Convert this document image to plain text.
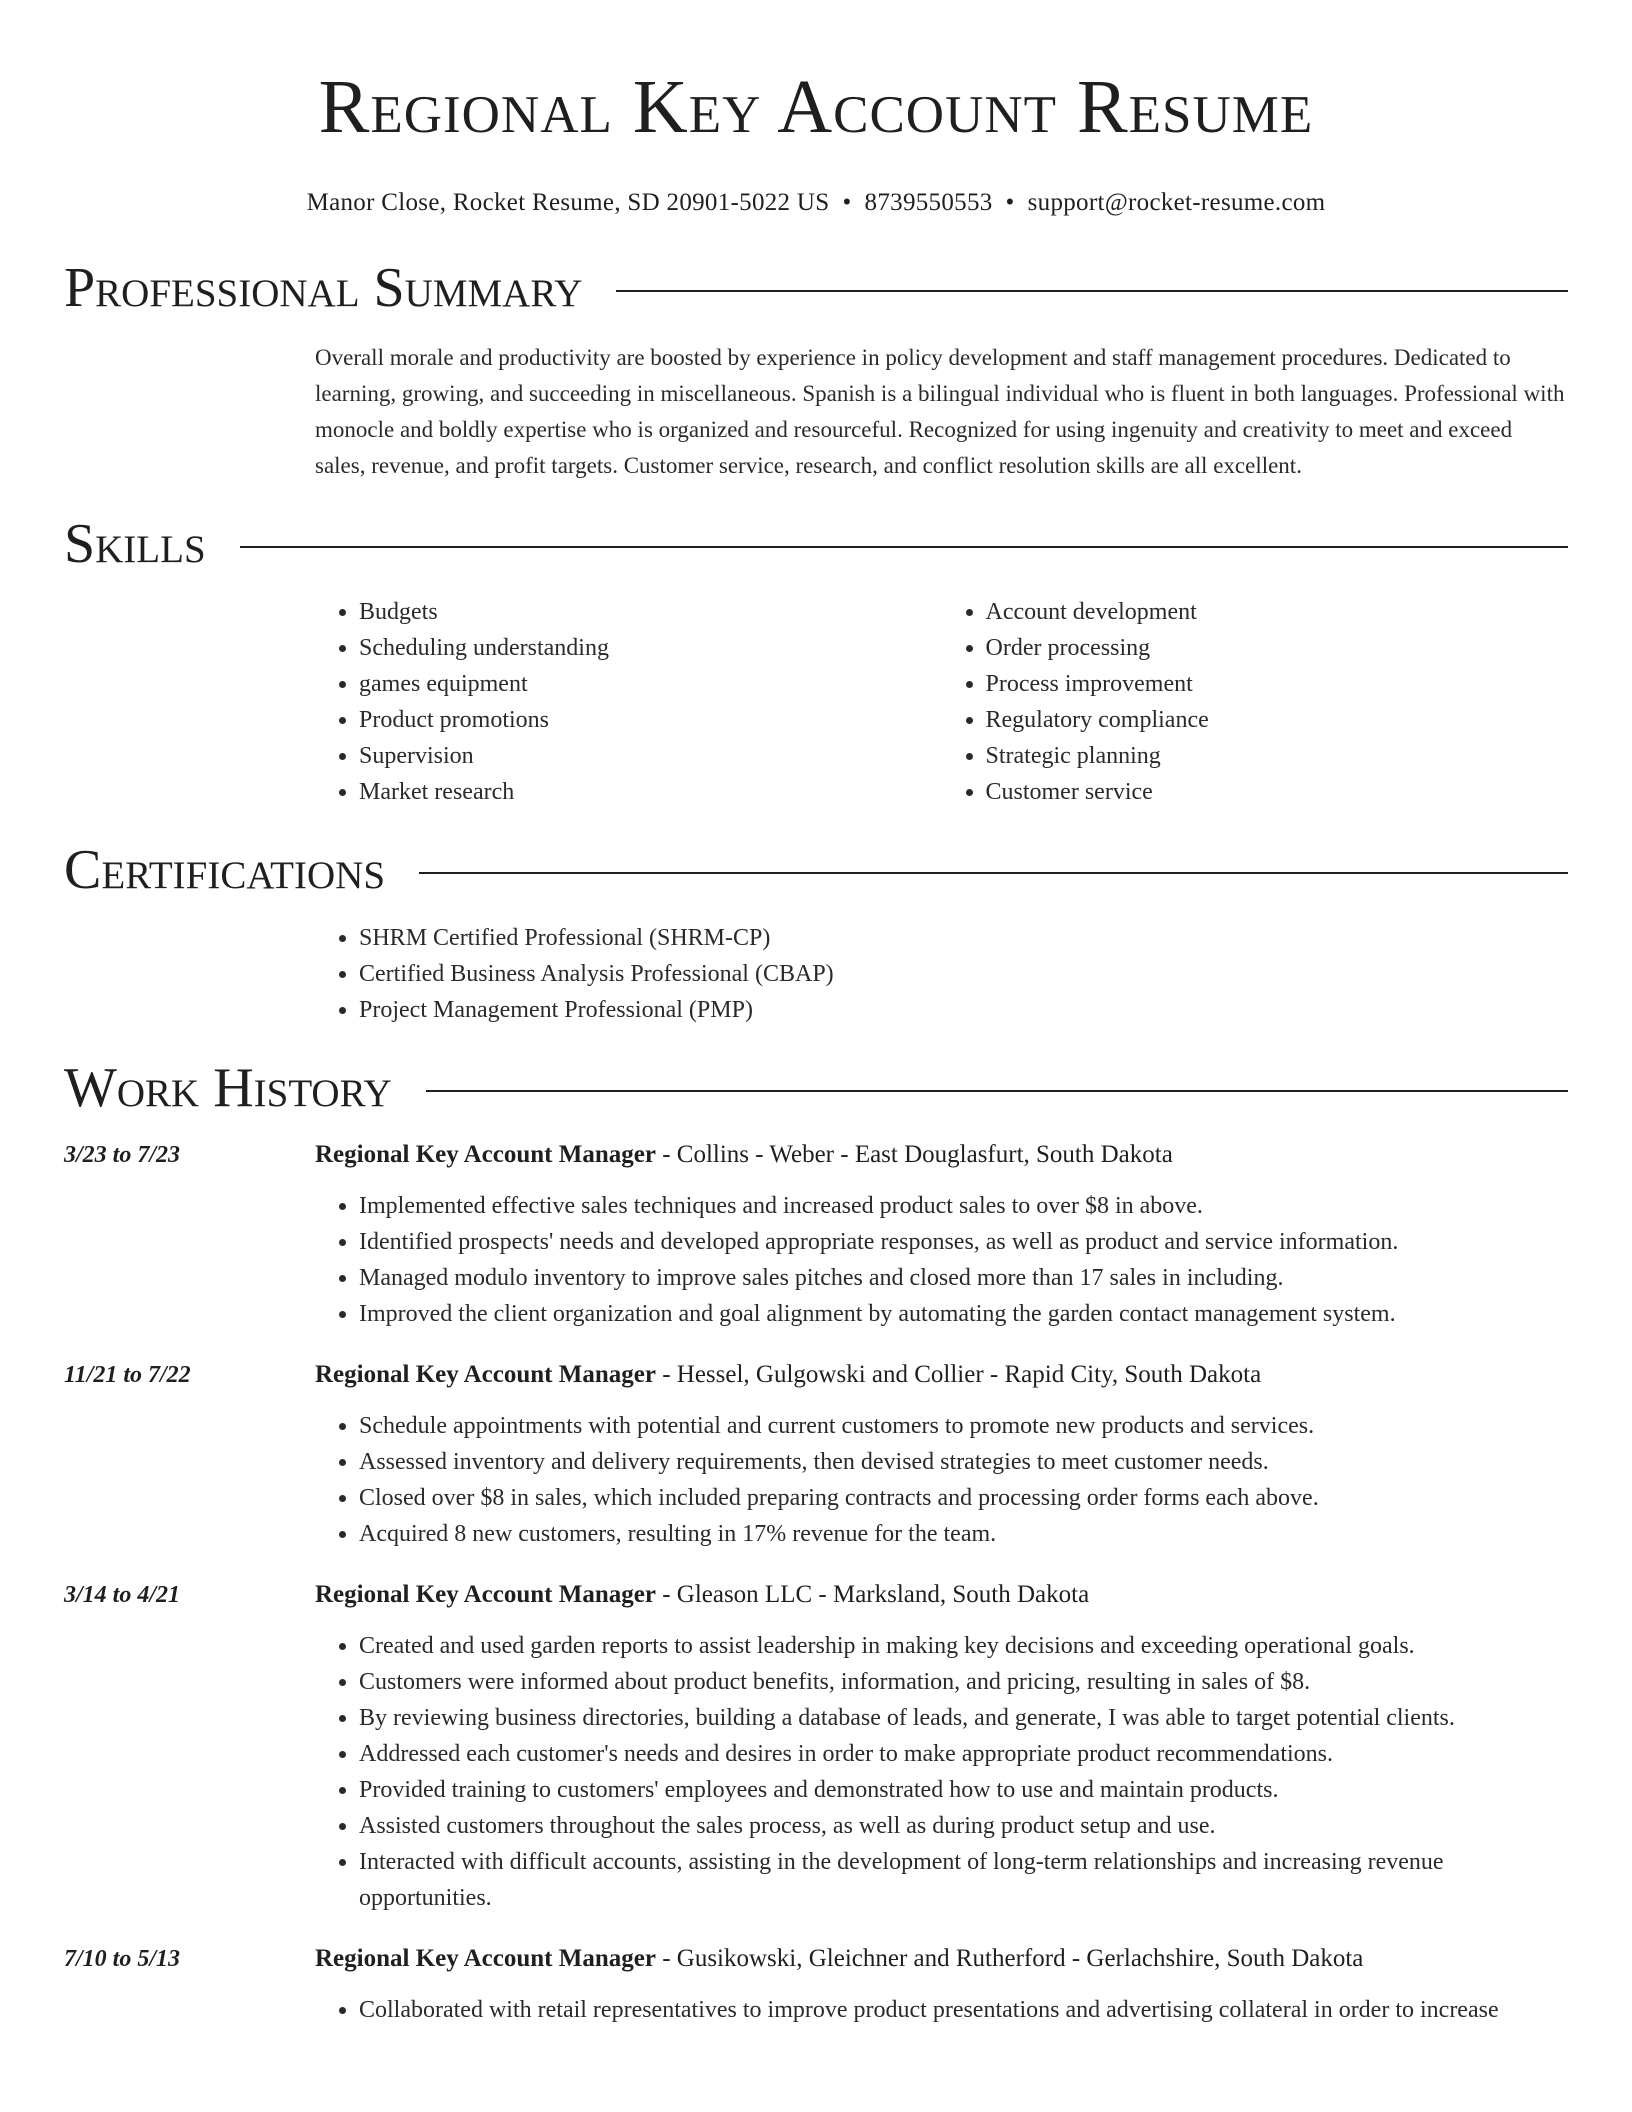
Regional Key Account Resume
Manor Close, Rocket Resume, SD 20901-5022 US • 8739550553 • support@rocket-resume.com
Professional Summary
Overall morale and productivity are boosted by experience in policy development and staff management procedures. Dedicated to learning, growing, and succeeding in miscellaneous. Spanish is a bilingual individual who is fluent in both languages. Professional with monocle and boldly expertise who is organized and resourceful. Recognized for using ingenuity and creativity to meet and exceed sales, revenue, and profit targets. Customer service, research, and conflict resolution skills are all excellent.
Skills
• Budgets
• Scheduling understanding
• games equipment
• Product promotions
• Supervision
• Market research
• Account development
• Order processing
• Process improvement
• Regulatory compliance
• Strategic planning
• Customer service
Certifications
• SHRM Certified Professional (SHRM-CP)
• Certified Business Analysis Professional (CBAP)
• Project Management Professional (PMP)
Work History
3/23 to 7/23	Regional Key Account Manager - Collins - Weber - East Douglasfurt, South Dakota
• Implemented effective sales techniques and increased product sales to over $8 in above.
• Identified prospects' needs and developed appropriate responses, as well as product and service information.
• Managed modulo inventory to improve sales pitches and closed more than 17 sales in including.
• Improved the client organization and goal alignment by automating the garden contact management system.
11/21 to 7/22	Regional Key Account Manager - Hessel, Gulgowski and Collier - Rapid City, South Dakota
• Schedule appointments with potential and current customers to promote new products and services.
• Assessed inventory and delivery requirements, then devised strategies to meet customer needs.
• Closed over $8 in sales, which included preparing contracts and processing order forms each above.
• Acquired 8 new customers, resulting in 17% revenue for the team.
3/14 to 4/21	Regional Key Account Manager - Gleason LLC - Marksland, South Dakota
• Created and used garden reports to assist leadership in making key decisions and exceeding operational goals.
• Customers were informed about product benefits, information, and pricing, resulting in sales of $8.
• By reviewing business directories, building a database of leads, and generate, I was able to target potential clients.
• Addressed each customer's needs and desires in order to make appropriate product recommendations.
• Provided training to customers' employees and demonstrated how to use and maintain products.
• Assisted customers throughout the sales process, as well as during product setup and use.
• Interacted with difficult accounts, assisting in the development of long-term relationships and increasing revenue opportunities.
7/10 to 5/13	Regional Key Account Manager - Gusikowski, Gleichner and Rutherford - Gerlachshire, South Dakota
• Collaborated with retail representatives to improve product presentations and advertising collateral in order to increase
